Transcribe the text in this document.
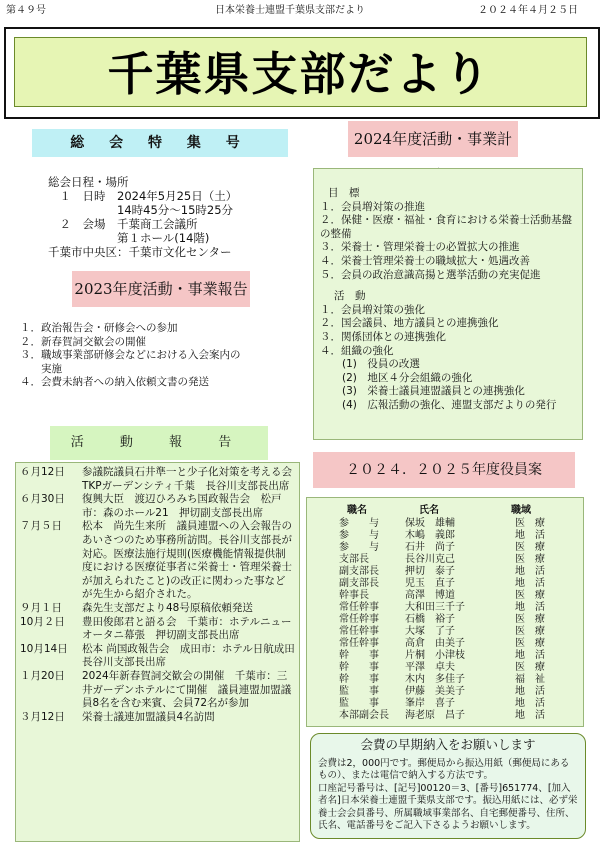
第４９号	日本栄養士連盟千葉県支部だより	２０２４年４月２５日
千葉県支部だより
総 会 特 集 号
総会日程・場所
　１　日時　2024年5月25日（土）
　　　　　　14時45分～15時25分
　２　会場　千葉商工会議所
　　　　　　第１ホール(14階)
千葉市中央区：千葉市文化センター
2023年度活動・事業報告
１．政治報告会・研修会への参加
２．新春賀詞交歓会の開催
３．職域事業部研修会などにおける入会案内の
　　実施
４．会費未納者への納入依頼文書の発送
活 動 報 告
６月12日	参議院議員石井準一と少子化対策を考える会　TKPガーデンシティ千葉　長谷川支部長出席
６月30日	復興大臣　渡辺ひろみち国政報告会　松戸市：森のホール21　押切副支部長出席
７月５日	松本　尚先生来所　議員連盟への入会報告のあいさつのため事務所訪問。長谷川支部長が対応。医療法施行規則(医療機能情報提供制度における医療従事者に栄養士・管理栄養士が加えられたこと)の改正に関わった事などが先生から紹介された。
９月１日	森先生支部だより48号原稿依頼発送
10月２日	豊田俊郎君と語る会　千葉市：ホテルニューオータニ幕張　押切副支部長出席
10月14日	松本 尚国政報告会　成田市：ホテル日航成田　長谷川支部長出席
１月20日	2024年新春賀詞交歓会の開催　千葉市：三井ガーデンホテルにて開催　議員連盟加盟議員8名を含む来賓、会員72名が参加
３月12日	栄養士議連加盟議員4名訪問
2024年度活動・事業計
目　標
１．会員増対策の推進
２．保健・医療・福祉・食育における栄養士活動基盤の整備
３．栄養士・管理栄養士の必置拡大の推進
４．栄養士管理栄養士の職域拡大・処遇改善
５．会員の政治意識高揚と選挙活動の充実促進
活　動
１．会員増対策の強化
２．国会議員、地方議員との連携強化
３．関係団体との連携強化
４．組織の強化
(1)　役員の改選
(2)　地区４分会組織の強化
(3)　栄養士議員連盟議員との連携強化
(4)　広報活動の強化、連盟支部だよりの発行
２０２４．２０２５年度役員案
職名	氏名	職域
参　　与	保坂　雄輔	医　療
参　　与	木嶋　義郎	地　活
参　　与	石井　尚子	医　療
支部長	長谷川克己	医　療
副支部長	押切　泰子	地　活
副支部長	児玉　直子	地　活
幹事長	高澤　博道	医　療
常任幹事	大和田三千子	地　活
常任幹事	石橋　裕子	医　療
常任幹事	大塚　了子	医　療
常任幹事	高倉　由美子	医　療
幹　　事	片桐　小津枝	地　活
幹　　事	平澤　卓夫	医　療
幹　　事	木内　多佳子	福　祉
監　　事	伊藤　美美子	地　活
監　　事	峯岸　喜子	地　活
本部副会長	海老原　昌子	地　活
会費の早期納入をお願いします
会費は2，000円です。郵便局から振込用紙（郵便局にあるもの）、または電信で納入する方法です。
口座記号番号は、[記号]00120＝3、[番号]651774、[加入者名]日本栄養士連盟千葉県支部です。振込用紙には、必ず栄養士会会員番号、所属職域事業部名、自宅郵便番号、住所、氏名、電話番号をご記入下さるようお願いします。
